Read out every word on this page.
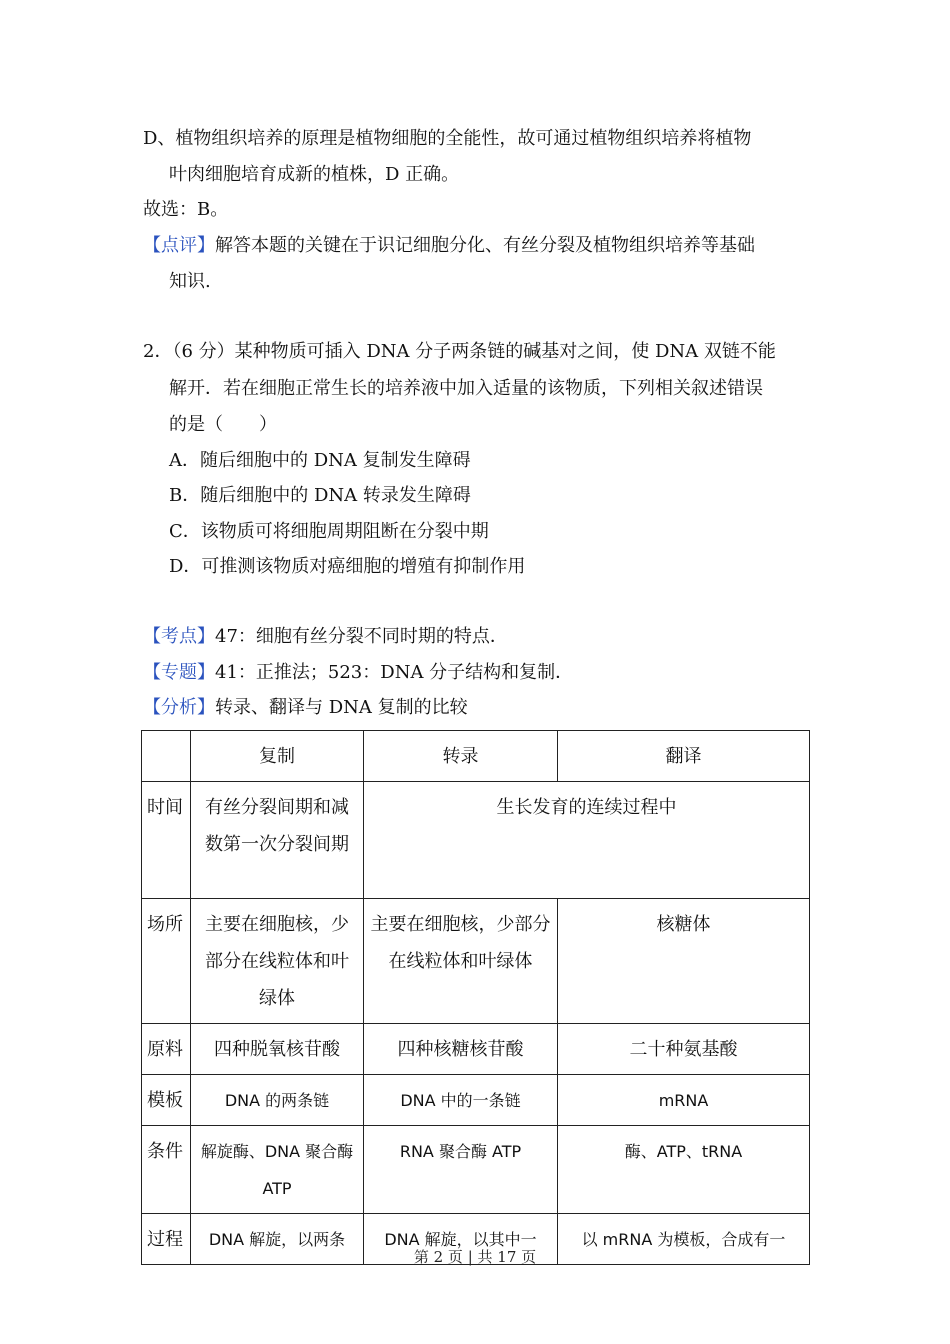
D、植物组织培养的原理是植物细胞的全能性，故可通过植物组织培养将植物
叶肉细胞培育成新的植株，D 正确。
故选：B。
【点评】解答本题的关键在于识记细胞分化、有丝分裂及植物组织培养等基础
知识.
2．（6 分）某种物质可插入 DNA 分子两条链的碱基对之间，使 DNA 双链不能
解开．若在细胞正常生长的培养液中加入适量的该物质，下列相关叙述错误
的是（　　）
A．随后细胞中的 DNA 复制发生障碍
B．随后细胞中的 DNA 转录发生障碍
C．该物质可将细胞周期阻断在分裂中期
D．可推测该物质对癌细胞的增殖有抑制作用
【考点】47：细胞有丝分裂不同时期的特点．
【专题】41：正推法；523：DNA 分子结构和复制．
【分析】转录、翻译与 DNA 复制的比较
	复制	转录	翻译
时间	有丝分裂间期和减数第一次分裂间期	生长发育的连续过程中	
场所	主要在细胞核，少部分在线粒体和叶绿体	主要在细胞核，少部分在线粒体和叶绿体	核糖体
原料	四种脱氧核苷酸	四种核糖核苷酸	二十种氨基酸
模板	DNA 的两条链	DNA 中的一条链	mRNA
条件	解旋酶、DNA 聚合酶 ATP	RNA 聚合酶 ATP	酶、ATP、tRNA
过程	DNA 解旋，以两条	DNA 解旋，以其中一	以 mRNA 为模板，合成有一
第 2 页 | 共 17 页
